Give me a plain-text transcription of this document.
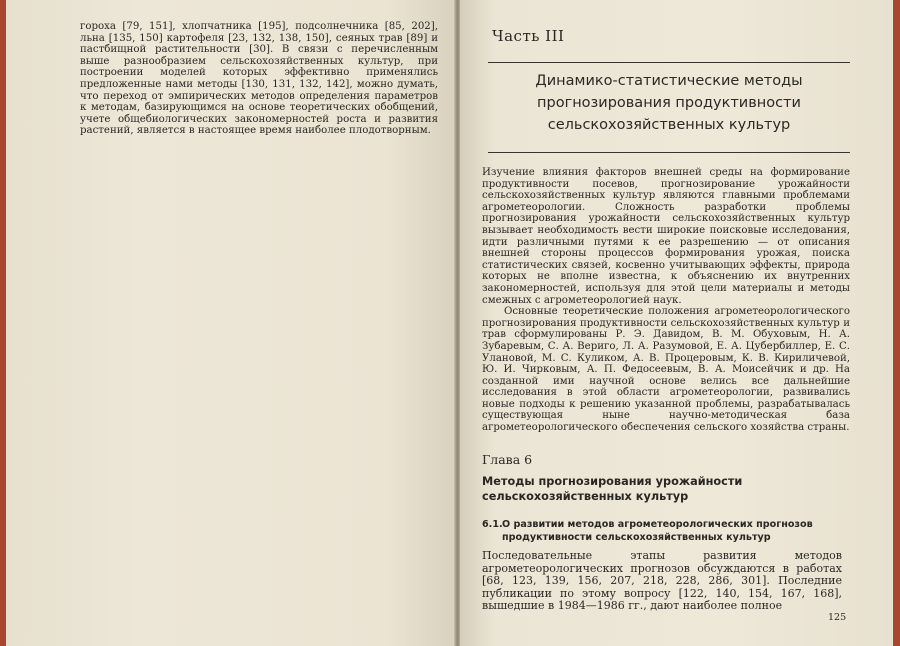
гороха [79, 151], хлопчатника [195], подсолнечника [85, 202], льна [135, 150] картофеля [23, 132, 138, 150], сеяных трав [89] и пастбищной растительности [30]. В связи с перечисленным выше разнообразием сельскохозяйственных культур, при построении моделей которых эффективно применялись предложенные нами методы [130, 131, 132, 142], можно думать, что переход от эмпирических методов определения параметров к методам, базирующимся на основе теоретических обобщений, учете общебиологических закономерностей роста и развития растений, является в настоящее время наиболее плодотворным.

Часть III

Динамико-статистические методы прогнозирования продуктивности сельскохозяйственных культур

Изучение влияния факторов внешней среды на формирование продуктивности посевов, прогнозирование урожайности сельскохозяйственных культур являются главными проблемами агрометеорологии. Сложность разработки проблемы прогнозирования урожайности сельскохозяйственных культур вызывает необходимость вести широкие поисковые исследования, идти различными путями к ее разрешению — от описания внешней стороны процессов формирования урожая, поиска статистических связей, косвенно учитывающих эффекты, природа которых не вполне известна, к объяснению их внутренних закономерностей, используя для этой цели материалы и методы смежных с агрометеорологией наук.

Основные теоретические положения агрометеорологического прогнозирования продуктивности сельскохозяйственных культур и трав сформулированы Р. Э. Давидом, В. М. Обуховым, Н. А. Зубаревым, С. А. Вериго, Л. А. Разумовой, Е. А. Цубербиллер, Е. С. Улановой, М. С. Куликом, А. В. Процеровым, К. В. Кириличевой, Ю. И. Чирковым, А. П. Федосеевым, В. А. Моисейчик и др. На созданной ими научной основе велись все дальнейшие исследования в этой области агрометеорологии, развивались новые подходы к решению указанной проблемы, разрабатывалась существующая ныне научно-методическая база агрометеорологического обеспечения сельского хозяйства страны.

Глава 6

Методы прогнозирования урожайности сельскохозяйственных культур

6.1.О развитии методов агрометеорологических прогнозов
продуктивности сельскохозяйственных культур

Последовательные этапы развития методов агрометеорологических прогнозов обсуждаются в работах [68, 123, 139, 156, 207, 218, 228, 286, 301]. Последние публикации по этому вопросу [122, 140, 154, 167, 168], вышедшие в 1984—1986 гг., дают наиболее полное

125
